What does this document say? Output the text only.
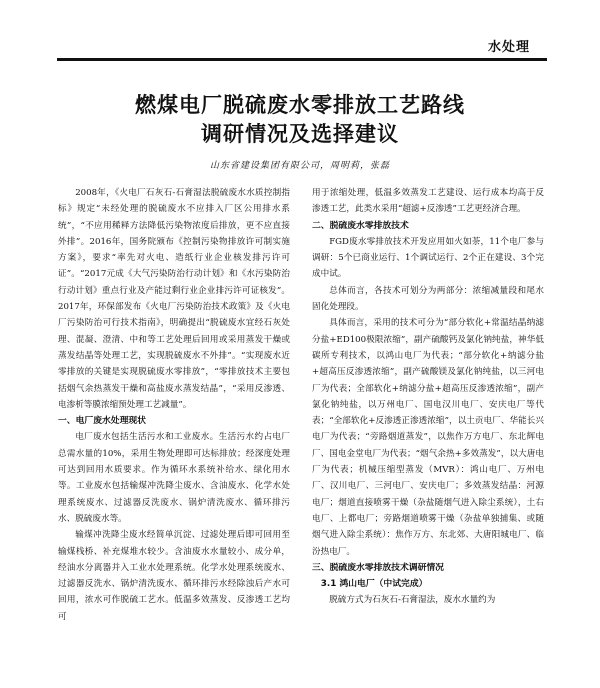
水处理
燃煤电厂脱硫废水零排放工艺路线
调研情况及选择建议
山东省建设集团有限公司，周明莉，张磊

2008年，《火电厂石灰石-石膏湿法脱硫废水水质控制指标》规定“未经处理的脱硫废水不应排入厂区公用排水系统”，“不应用稀释方法降低污染物浓度后排放，更不应直接外排”。2016年，国务院颁布《控制污染物排放许可制实施方案》，要求“率先对火电、造纸行业企业核发排污许可证”。“2017元成《大气污染防治行动计划》和《水污染防治行动计划》重点行业及产能过剩行业企业排污许可证核发”。2017年，环保部发布《火电厂污染防治技术政策》及《火电厂污染防治可行技术指南》，明确提出“脱硫废水宜经石灰处理、混凝、澄清、中和等工艺处理后回用或采用蒸发干燥或蒸发结晶等处理工艺，实现脱硫废水不外排”。“实现废水近零排放的关键是实现脱硫废水零排放”，“零排放技术主要包括烟气余热蒸发干燥和高盐废水蒸发结晶”，“采用反渗透、电渗析等膜浓缩预处理工艺减量”。

一、电厂废水处理现状

电厂废水包括生活污水和工业废水。生活污水约占电厂总需水量的10%，采用生物处理即可达标排放；经深度处理可达到回用水质要求。作为循环水系统补给水、绿化用水等。工业废水包括输煤冲洗降尘废水、含油废水、化学水处理系统废水、过滤器反洗废水、锅炉清洗废水、循环排污水、脱硫废水等。

输煤冲洗降尘废水经简单沉淀、过滤处理后即可回用至输煤栈桥、补充煤堆水较少。含油废水水量较小、成分单，经油水分离器并入工业水处理系统。化学水处理系统废水、过滤器反洗水、锅炉清洗废水、循环排污水经除浊后产水可回用，浓水可作脱硫工艺水。低温多效蒸发、反渗透工艺均可

用于浓缩处理，低温多效蒸发工艺建设、运行成本均高于反渗透工艺，此类水采用“超滤+反渗透”工艺更经济合理。

二、脱硫废水零排放技术

FGD废水零排放技术开发应用如火如荼，11个电厂参与调研：5个已商业运行、1个调试运行、2个正在建设、3个完成中试。

总体而言，各技术可划分为两部分：浓缩减量段和尾水固化处理段。

具体而言，采用的技术可分为“部分软化+常温结晶纳滤分盐+ED100极限浓缩”，副产硫酸钙及氯化钠纯盐，神华低碳所专利技术，以鸿山电厂为代表；“部分软化+纳滤分盐+超高压反渗透浓缩”，副产硫酸镁及氯化钠纯盐，以三河电厂为代表；全部软化+纳滤分盐+超高压反渗透浓缩”，副产氯化钠纯盐，以万州电厂、国电汉川电厂、安庆电厂等代表；“全部软化+反渗透正渗透浓缩”，以土贡电厂、华能长兴电厂为代表；“旁路烟道蒸发”，以焦作万方电厂、东北辉电厂、国电金堂电厂为代表；“烟气余热+多效蒸发”，以大唐电厂为代表；机械压缩型蒸发（MVR）：鸿山电厂、万州电厂、汉川电厂、三河电厂、安庆电厂；多效蒸发结晶：河源电厂；烟道直接喷雾干燥（杂盐随烟气进入除尘系统），土右电厂、上都电厂；旁路烟道喷雾干燥（杂盐单独捕集、或随烟气进入除尘系统）：焦作万方、东北郊、大唐阳城电厂、临汾热电厂。

三、脱硫废水零排放技术调研情况
3.1 鸿山电厂（中试完成）

脱硫方式为石灰石-石膏湿法，废水水量约为
